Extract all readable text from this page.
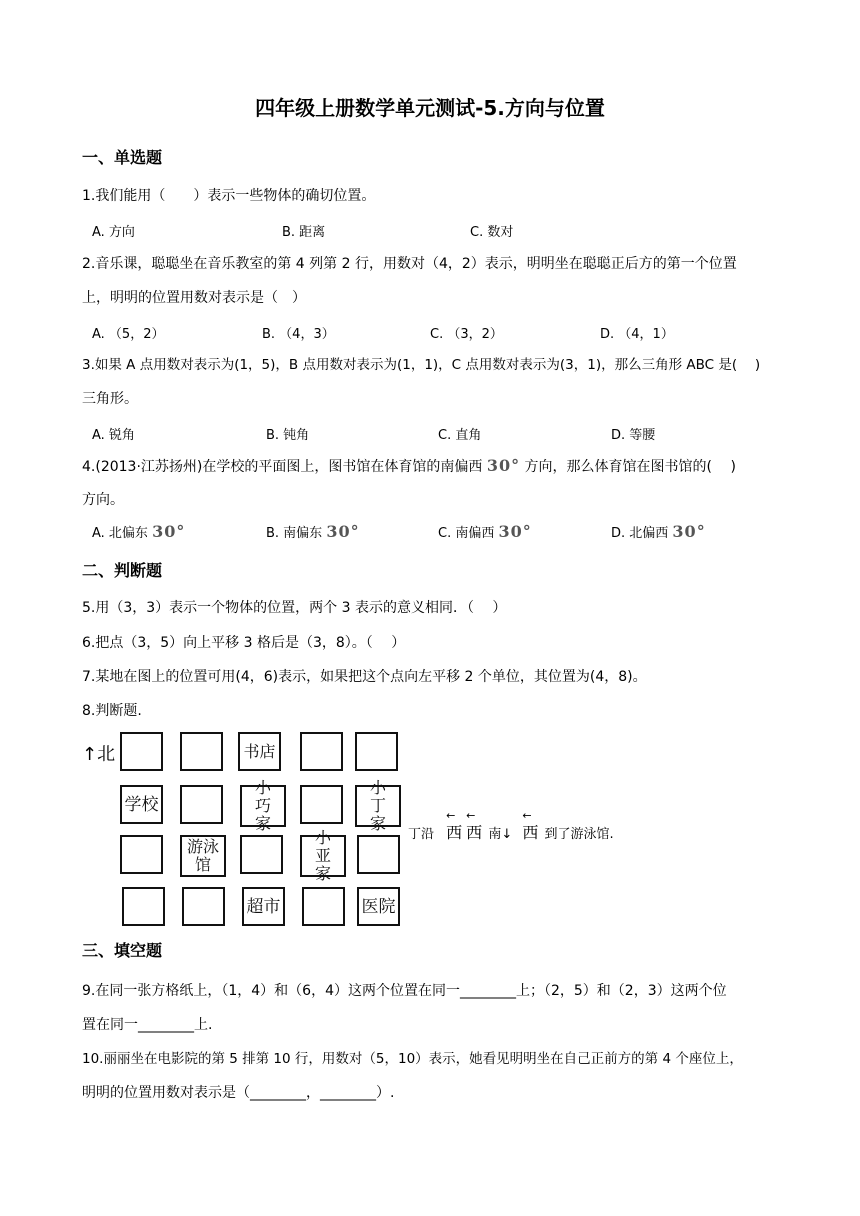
四年级上册数学单元测试-5.方向与位置
一、单选题
1.我们能用（　　）表示一些物体的确切位置。
A. 方向	B. 距离	C. 数对
2.音乐课，聪聪坐在音乐教室的第 4 列第 2 行，用数对（4，2）表示，明明坐在聪聪正后方的第一个位置
上，明明的位置用数对表示是（　）
A. （5，2）	B. （4，3）	C. （3，2）	D. （4，1）
3.如果 A 点用数对表示为(1，5)，B 点用数对表示为(1，1)，C 点用数对表示为(3，1)，那么三角形 ABC 是(　 )
三角形。
A. 锐角	B. 钝角	C. 直角	D. 等腰
4.(2013·江苏扬州)在学校的平面图上，图书馆在体育馆的南偏西 30° 方向，那么体育馆在图书馆的(　 )
方向。
A. 北偏东 30°	B. 南偏东 30°	C. 南偏西 30°	D. 北偏西 30°
二、判断题
5.用（3，3）表示一个物体的位置，两个 3 表示的意义相同．（　 ）
6.把点（3，5）向上平移 3 格后是（3，8）。（　 ）
7.某地在图上的位置可用(4，6)表示，如果把这个点向左平移 2 个单位，其位置为(4，8)。
8.判断题.
↑北	书店
学校
小巧家
小丁家
游泳馆
小亚家
超市	医院
丁沿
←
西
←
西 南↓
←
西 到了游泳馆.
三、填空题
9.在同一张方格纸上，（1，4）和（6，4）这两个位置在同一________上；（2，5）和（2，3）这两个位
置在同一________上.
10.丽丽坐在电影院的第 5 排第 10 行，用数对（5，10）表示，她看见明明坐在自己正前方的第 4 个座位上，
明明的位置用数对表示是（________，________）.
